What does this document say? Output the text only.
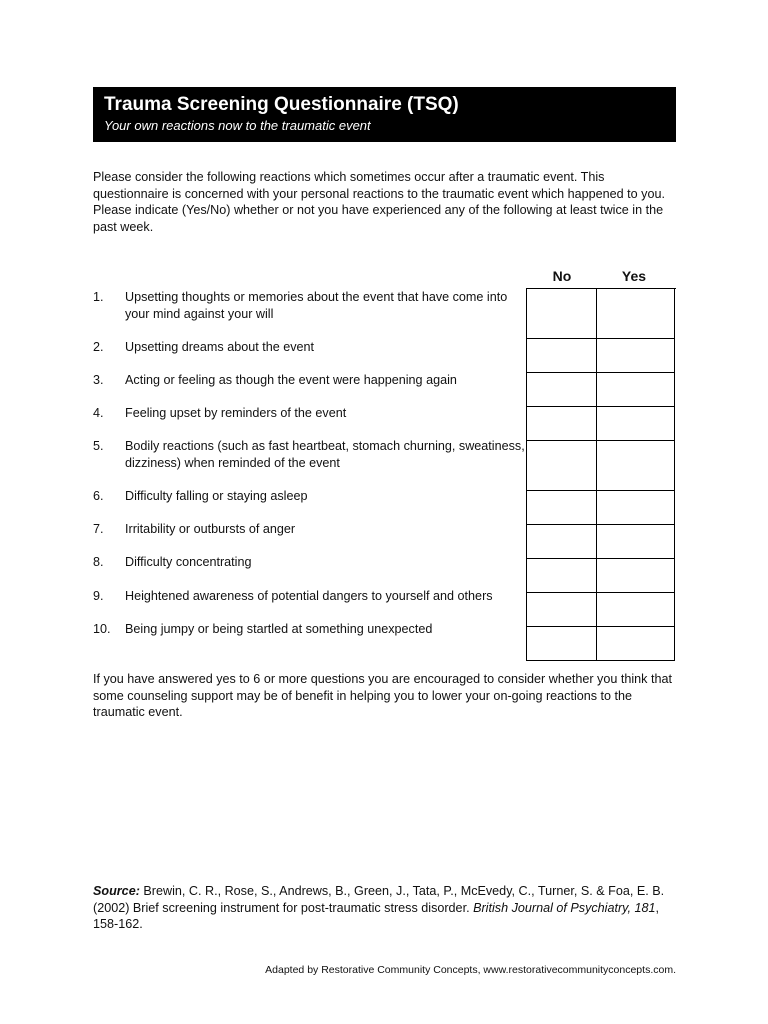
Trauma Screening Questionnaire (TSQ)
Your own reactions now to the traumatic event

Please consider the following reactions which sometimes occur after a traumatic event. This questionnaire is concerned with your personal reactions to the traumatic event which happened to you. Please indicate (Yes/No) whether or not you have experienced any of the following at least twice in the past week.

No	Yes
1. Upsetting thoughts or memories about the event that have come into your mind against your will
2. Upsetting dreams about the event
3. Acting or feeling as though the event were happening again
4. Feeling upset by reminders of the event
5. Bodily reactions (such as fast heartbeat, stomach churning, sweatiness, dizziness) when reminded of the event
6. Difficulty falling or staying asleep
7. Irritability or outbursts of anger
8. Difficulty concentrating
9. Heightened awareness of potential dangers to yourself and others
10. Being jumpy or being startled at something unexpected

If you have answered yes to 6 or more questions you are encouraged to consider whether you think that some counseling support may be of benefit in helping you to lower your on-going reactions to the traumatic event.

Source: Brewin, C. R., Rose, S., Andrews, B., Green, J., Tata, P., McEvedy, C., Turner, S. & Foa, E. B. (2002) Brief screening instrument for post-traumatic stress disorder. British Journal of Psychiatry, 181, 158-162.

Adapted by Restorative Community Concepts, www.restorativecommunityconcepts.com.
